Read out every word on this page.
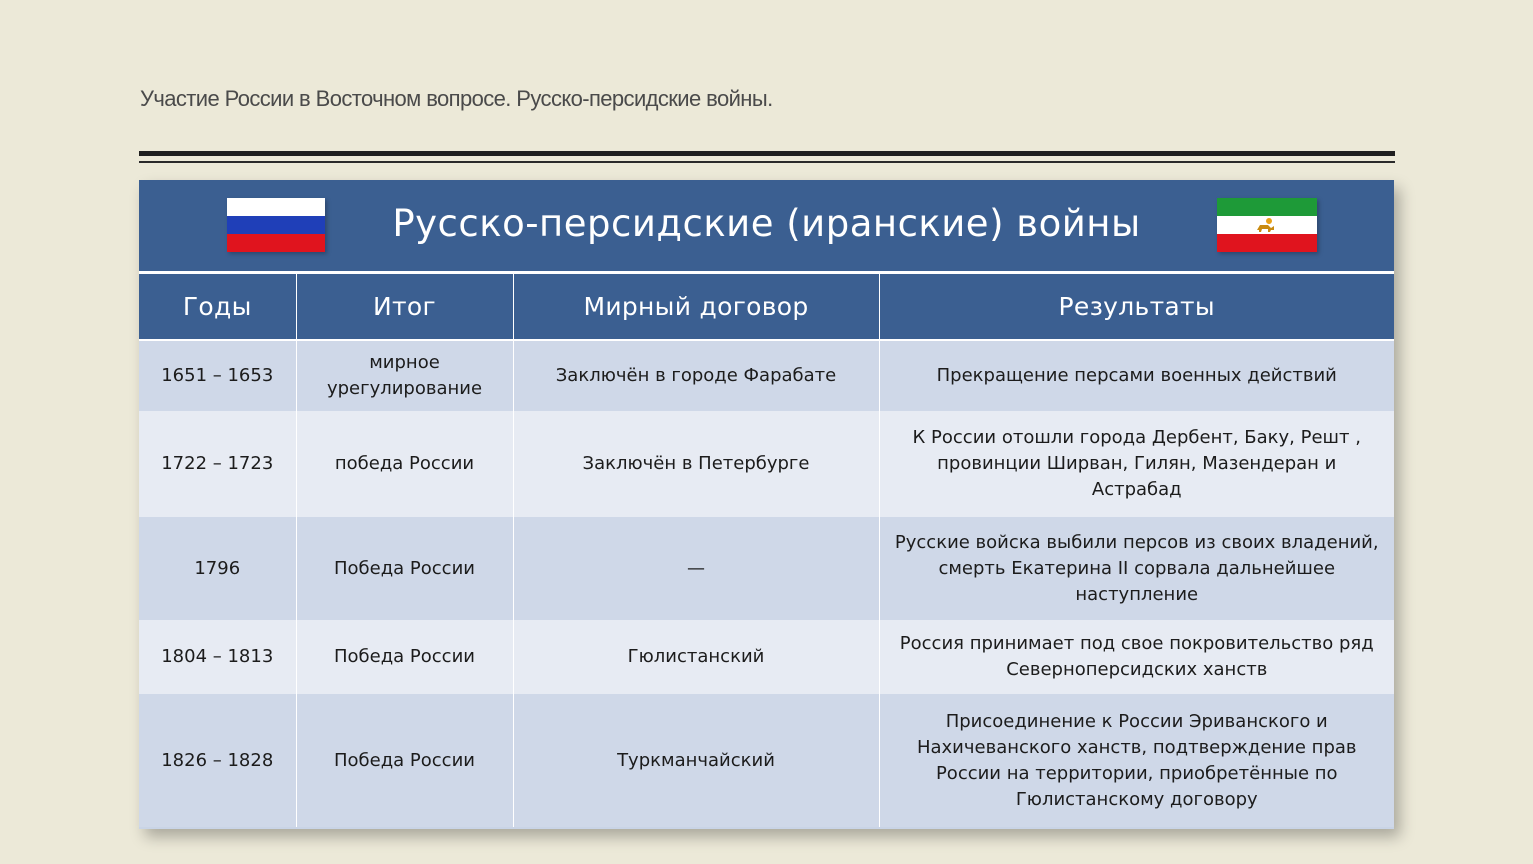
Участие России в Восточном вопросе. Русско-персидские войны.
Русско-персидские (иранские) войны
Годы	Итог	Мирный договор	Результаты
1651 – 1653	мирное урегулирование	Заключён в городе Фарабате	Прекращение персами военных действий
1722 – 1723	победа России	Заключён в Петербурге	К России отошли города Дербент, Баку, Решт , провинции Ширван, Гилян, Мазендеран и Астрабад
1796	Победа России	—	Русские войска выбили персов из своих владений, смерть Екатерина II сорвала дальнейшее наступление
1804 – 1813	Победа России	Гюлистанский	Россия принимает под свое покровительство ряд Северноперсидских ханств
1826 – 1828	Победа России	Туркманчайский	Присоединение к России Эриванского и Нахичеванского ханств, подтверждение прав России на территории, приобретённые по Гюлистанскому договору
